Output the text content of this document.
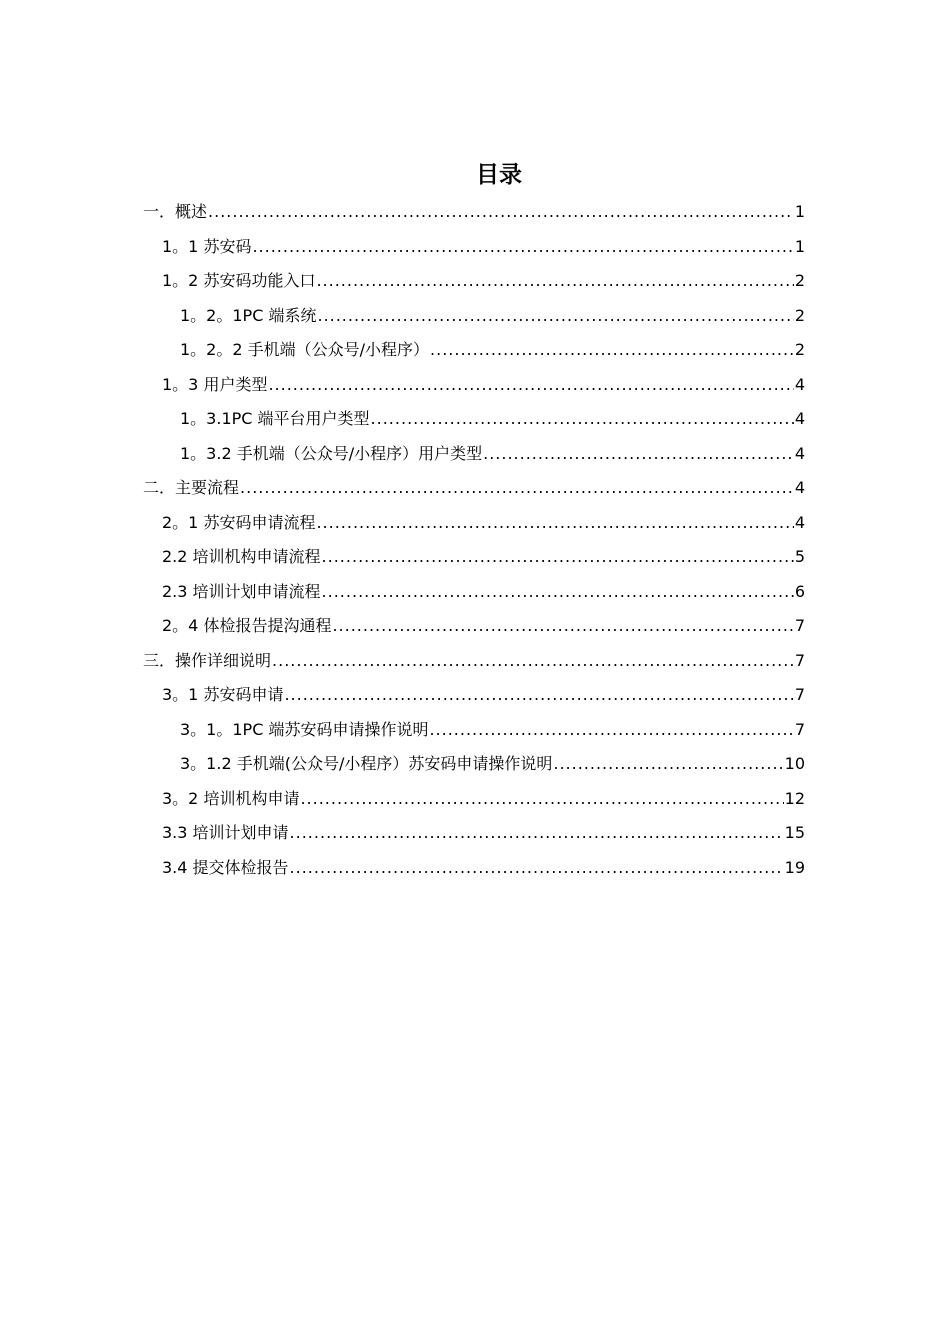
目录
一．概述 .....	1
1。1 苏安码 .....	1
1。2 苏安码功能入口 .....	2
1。2。1PC 端系统 .....	2
1。2。2 手机端（公众号/小程序） .....	2
1。3 用户类型 .....	4
1。3.1PC 端平台用户类型 .....	4
1。3.2 手机端（公众号/小程序）用户类型 .....	4
二．主要流程 .....	4
2。1 苏安码申请流程 .....	4
2.2 培训机构申请流程 .....	5
2.3 培训计划申请流程 .....	6
2。4 体检报告提沟通程 .....	7
三．操作详细说明 .....	7
3。1 苏安码申请 .....	7
3。1。1PC 端苏安码申请操作说明 .....	7
3。1.2 手机端(公众号/小程序）苏安码申请操作说明 .....	10
3。2 培训机构申请 .....	12
3.3 培训计划申请 .....	15
3.4 提交体检报告 .....	19
